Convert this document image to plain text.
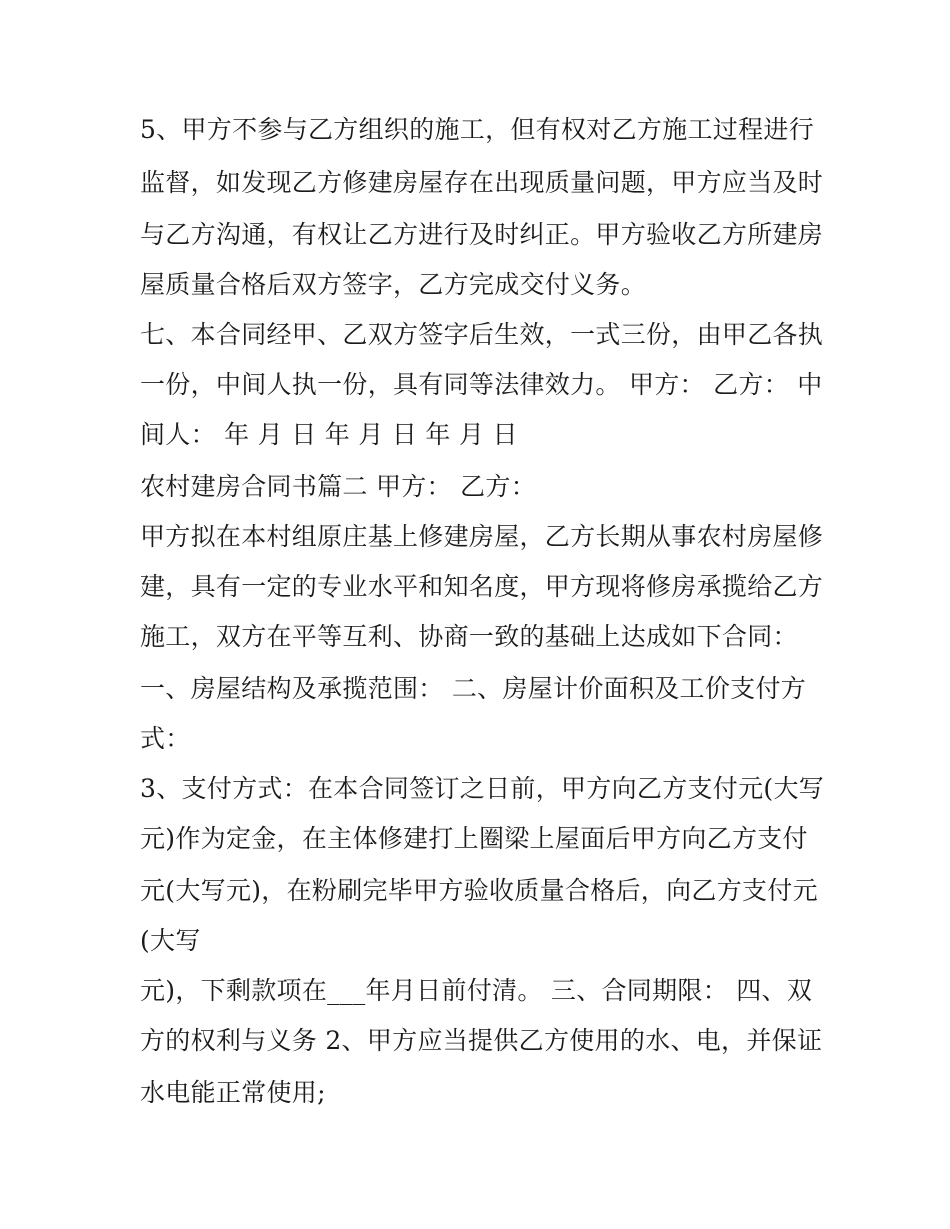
5、甲方不参与乙方组织的施工，但有权对乙方施工过程进行
监督，如发现乙方修建房屋存在出现质量问题，甲方应当及时
与乙方沟通，有权让乙方进行及时纠正。甲方验收乙方所建房
屋质量合格后双方签字，乙方完成交付义务。
七、本合同经甲、乙双方签字后生效，一式三份，由甲乙各执
一份，中间人执一份，具有同等法律效力。 甲方： 乙方： 中
间人： 年 月 日 年 月 日 年 月 日
农村建房合同书篇二 甲方： 乙方：
甲方拟在本村组原庄基上修建房屋，乙方长期从事农村房屋修
建，具有一定的专业水平和知名度，甲方现将修房承揽给乙方
施工，双方在平等互利、协商一致的基础上达成如下合同：
一、房屋结构及承揽范围： 二、房屋计价面积及工价支付方
式：
3、支付方式：在本合同签订之日前，甲方向乙方支付元(大写
元)作为定金，在主体修建打上圈梁上屋面后甲方向乙方支付
元(大写元)，在粉刷完毕甲方验收质量合格后，向乙方支付元
(大写
元)，下剩款项在___年月日前付清。 三、合同期限： 四、双
方的权利与义务 2、甲方应当提供乙方使用的水、电，并保证
水电能正常使用;
